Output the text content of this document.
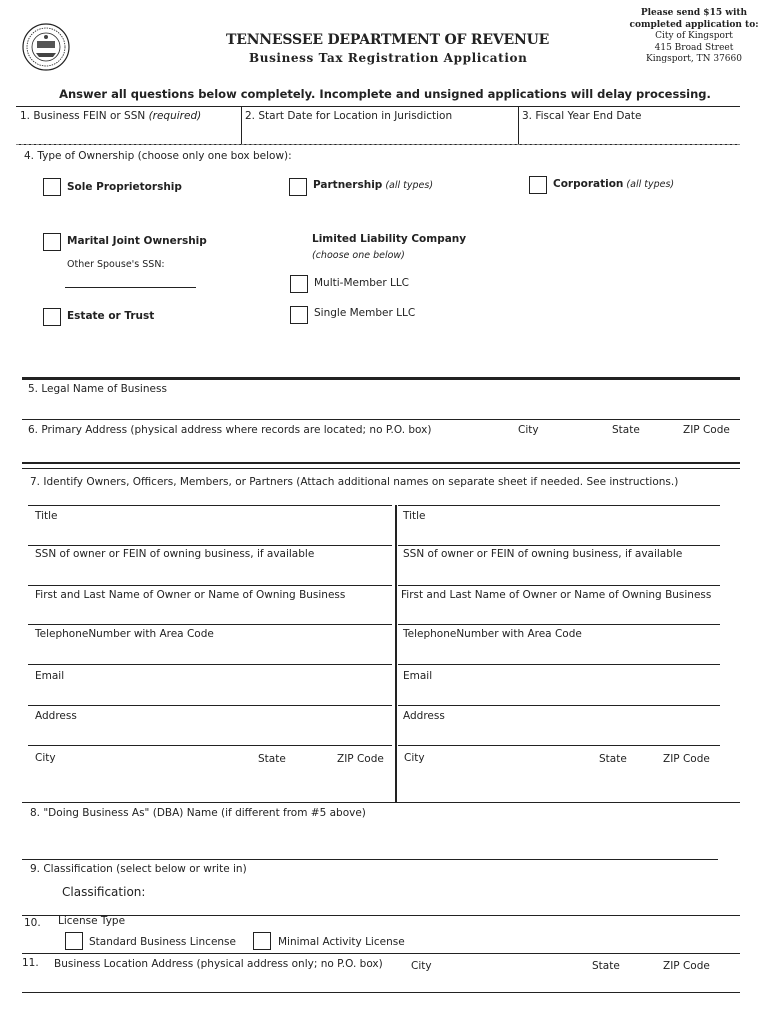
TENNESSEE DEPARTMENT OF REVENUE
Business Tax Registration Application
Please send $15 with
completed application to:
City of Kingsport
415 Broad Street
Kingsport, TN 37660
Answer all questions below completely. Incomplete and unsigned applications will delay processing.
1. Business FEIN or SSN (required)	2. Start Date for Location in Jurisdiction	3. Fiscal Year End Date
4. Type of Ownership (choose only one box below):
Sole Proprietorship	Partnership (all types)	Corporation (all types)
Marital Joint Ownership
Other Spouse's SSN:
Limited Liability Company
(choose one below)
Multi-Member LLC
Single Member LLC
Estate or Trust
5. Legal Name of Business
6. Primary Address (physical address where records are located; no P.O. box)	City	State	ZIP Code
7. Identify Owners, Officers, Members, or Partners (Attach additional names on separate sheet if needed. See instructions.)
Title
SSN of owner or FEIN of owning business, if available
First and Last Name of Owner or Name of Owning Business
TelephoneNumber with Area Code
Email
Address
City	State	ZIP Code
Title
SSN of owner or FEIN of owning business, if available
First and Last Name of Owner or Name of Owning Business
TelephoneNumber with Area Code
Email
Address
City	State	ZIP Code
8. "Doing Business As" (DBA) Name (if different from #5 above)
9. Classification (select below or write in)
Classification:
10. License Type
Standard Business Lincense	Minimal Activity License
11. Business Location Address (physical address only; no P.O. box)	City	State	ZIP Code
